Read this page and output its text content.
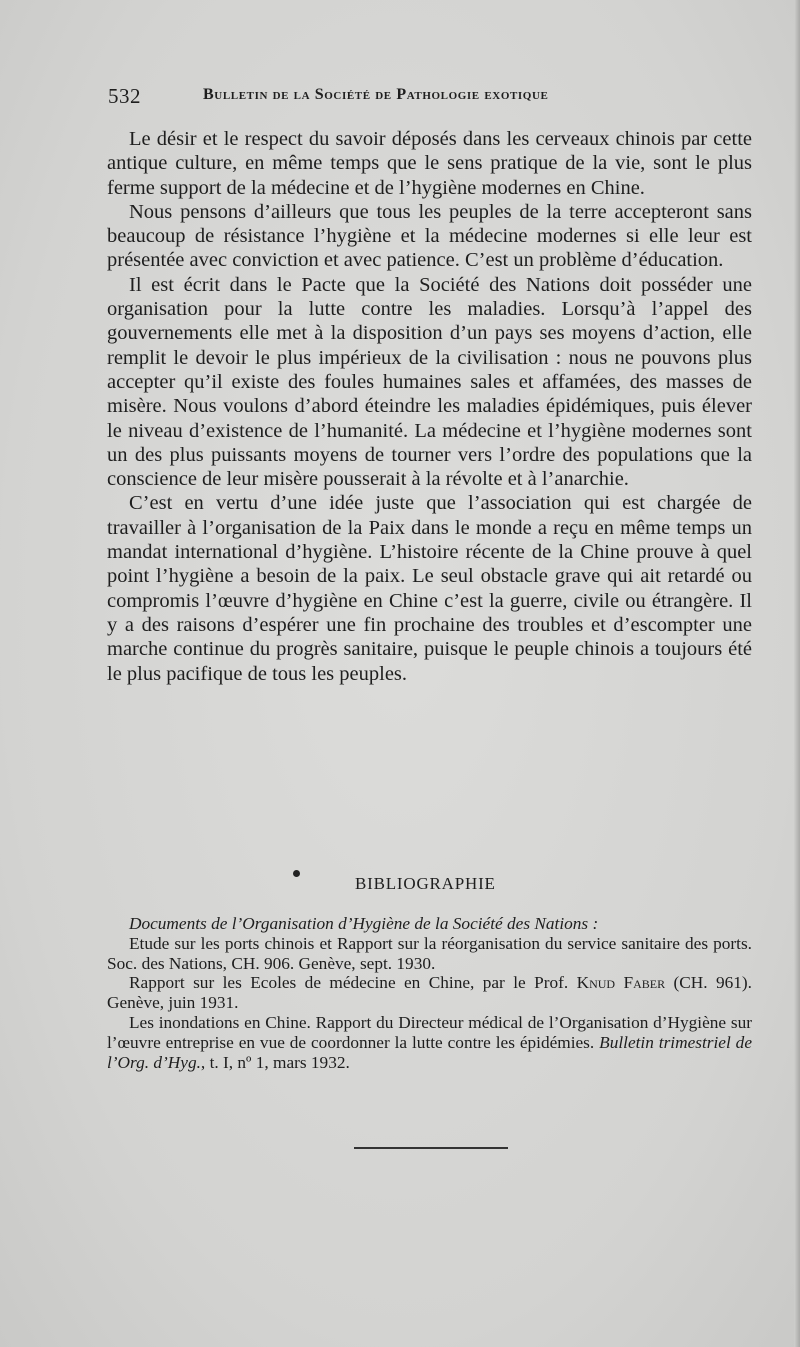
532	Bulletin de la Société de Pathologie exotique

Le désir et le respect du savoir déposés dans les cerveaux chinois par cette antique culture, en même temps que le sens pratique de la vie, sont le plus ferme support de la médecine et de l’hygiène modernes en Chine.

Nous pensons d’ailleurs que tous les peuples de la terre accepteront sans beaucoup de résistance l’hygiène et la médecine modernes si elle leur est présentée avec conviction et avec patience. C’est un problème d’éducation.

Il est écrit dans le Pacte que la Société des Nations doit posséder une organisation pour la lutte contre les maladies. Lorsqu’à l’appel des gouvernements elle met à la disposition d’un pays ses moyens d’action, elle remplit le devoir le plus impérieux de la civilisation : nous ne pouvons plus accepter qu’il existe des foules humaines sales et affamées, des masses de misère. Nous voulons d’abord éteindre les maladies épidémiques, puis élever le niveau d’existence de l’humanité. La médecine et l’hygiène modernes sont un des plus puissants moyens de tourner vers l’ordre des populations que la conscience de leur misère pousserait à la révolte et à l’anarchie.

C’est en vertu d’une idée juste que l’association qui est chargée de travailler à l’organisation de la Paix dans le monde a reçu en même temps un mandat international d’hygiène. L’histoire récente de la Chine prouve à quel point l’hygiène a besoin de la paix. Le seul obstacle grave qui ait retardé ou compromis l’œuvre d’hygiène en Chine c’est la guerre, civile ou étrangère. Il y a des raisons d’espérer une fin prochaine des troubles et d’escompter une marche continue du progrès sanitaire, puisque le peuple chinois a toujours été le plus pacifique de tous les peuples.

BIBLIOGRAPHIE

Documents de l’Organisation d’Hygiène de la Société des Nations :

Etude sur les ports chinois et Rapport sur la réorganisation du service sanitaire des ports. Soc. des Nations, CH. 906. Genève, sept. 1930.

Rapport sur les Ecoles de médecine en Chine, par le Prof. Knud Faber (CH. 961). Genève, juin 1931.

Les inondations en Chine. Rapport du Directeur médical de l’Organisation d’Hygiène sur l’œuvre entreprise en vue de coordonner la lutte contre les épidémies. Bulletin trimestriel de l’Org. d’Hyg., t. I, nº 1, mars 1932.
